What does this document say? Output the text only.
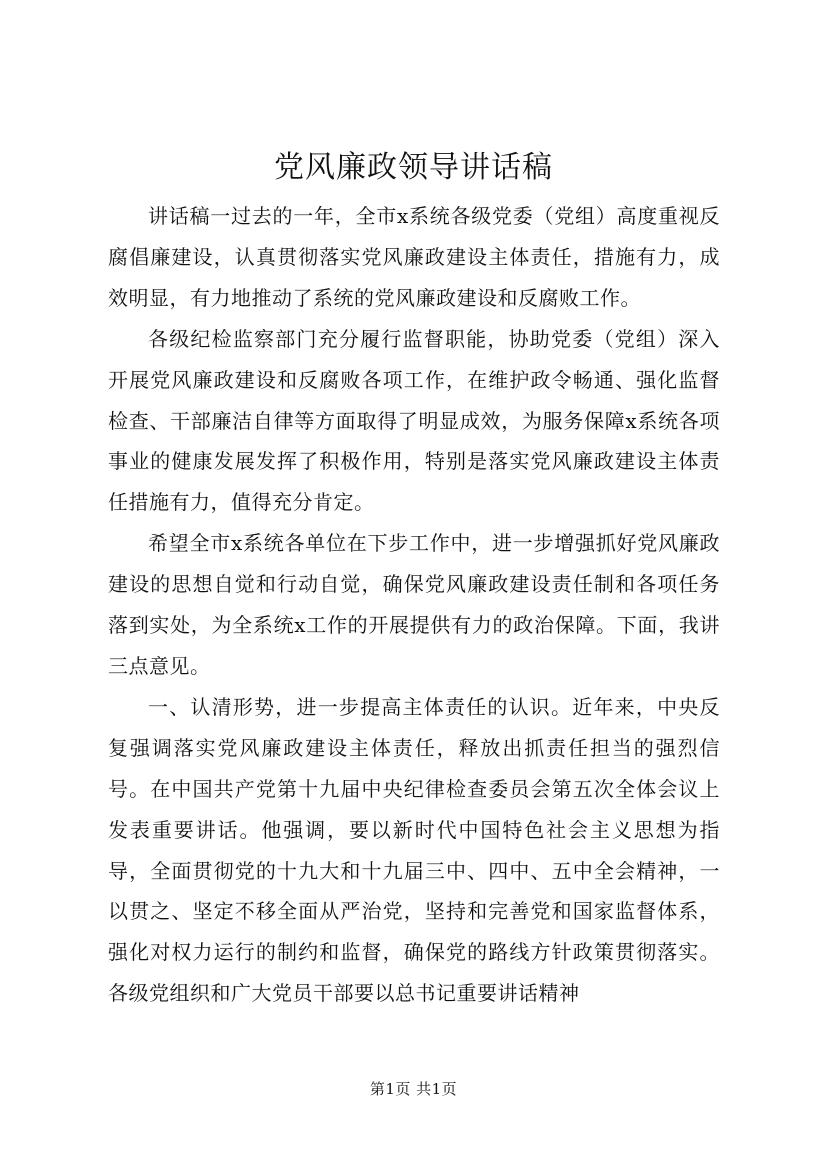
党风廉政领导讲话稿

讲话稿一过去的一年，全市x系统各级党委（党组）高度重视反腐倡廉建设，认真贯彻落实党风廉政建设主体责任，措施有力，成效明显，有力地推动了系统的党风廉政建设和反腐败工作。

各级纪检监察部门充分履行监督职能，协助党委（党组）深入开展党风廉政建设和反腐败各项工作，在维护政令畅通、强化监督检查、干部廉洁自律等方面取得了明显成效，为服务保障x系统各项事业的健康发展发挥了积极作用，特别是落实党风廉政建设主体责任措施有力，值得充分肯定。

希望全市x系统各单位在下步工作中，进一步增强抓好党风廉政建设的思想自觉和行动自觉，确保党风廉政建设责任制和各项任务落到实处，为全系统x工作的开展提供有力的政治保障。下面，我讲三点意见。

一、认清形势，进一步提高主体责任的认识。近年来，中央反复强调落实党风廉政建设主体责任，释放出抓责任担当的强烈信号。在中国共产党第十九届中央纪律检查委员会第五次全体会议上发表重要讲话。他强调，要以新时代中国特色社会主义思想为指导，全面贯彻党的十九大和十九届三中、四中、五中全会精神，一以贯之、坚定不移全面从严治党，坚持和完善党和国家监督体系，强化对权力运行的制约和监督，确保党的路线方针政策贯彻落实。各级党组织和广大党员干部要以总书记重要讲话精神

第1页 共1页
